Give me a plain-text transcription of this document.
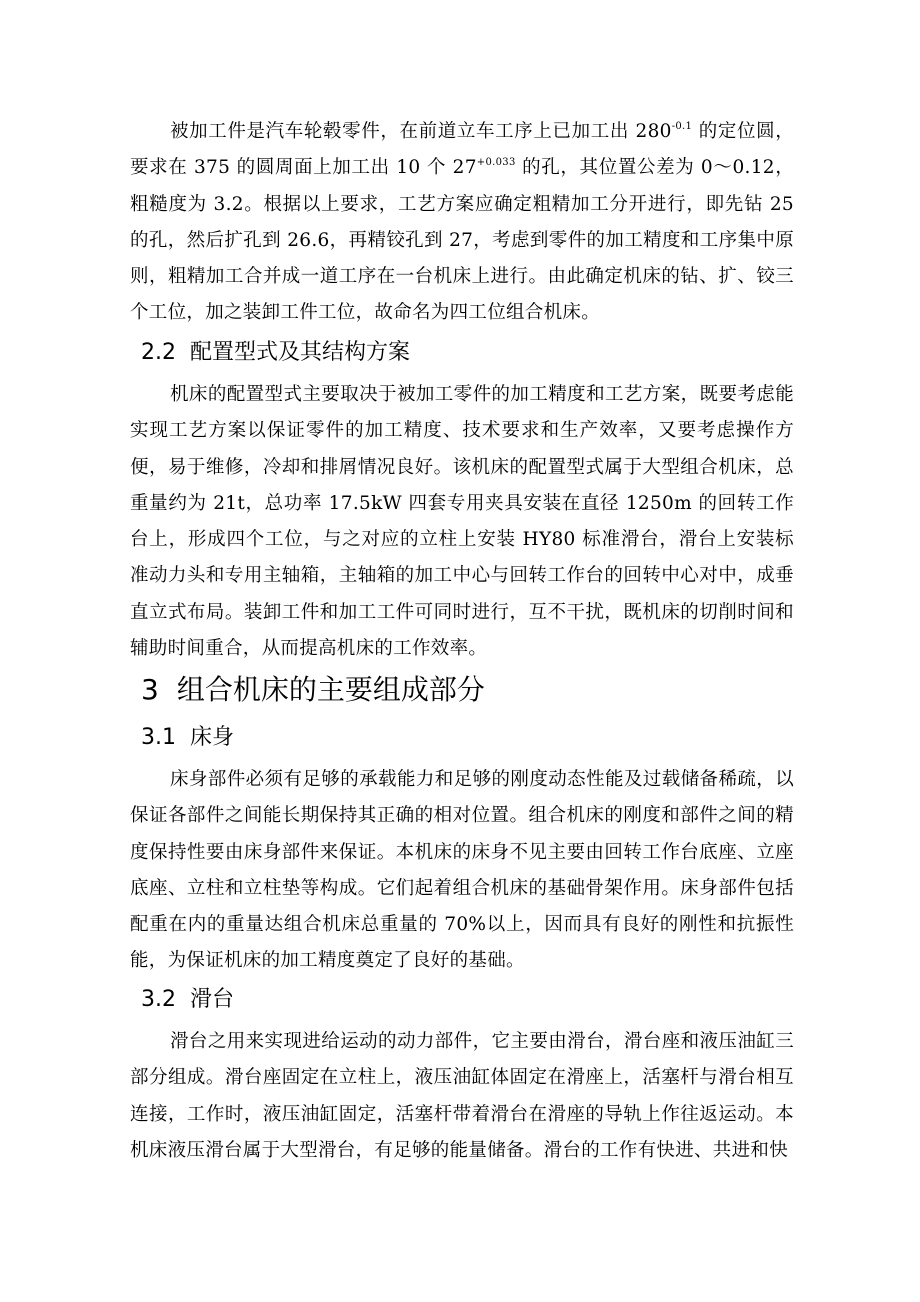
被加工件是汽车轮毂零件，在前道立车工序上已加工出 $280^{-0.1}$ 的定位圆，要求在 375 的圆周面上加工出 10 个 $27^{+0.033}$ 的孔，其位置公差为 0～0.12，粗糙度为 3.2。根据以上要求，工艺方案应确定粗精加工分开进行，即先钻 25 的孔，然后扩孔到 26.6，再精铰孔到 27，考虑到零件的加工精度和工序集中原则，粗精加工合并成一道工序在一台机床上进行。由此确定机床的钻、扩、铰三个工位，加之装卸工件工位，故命名为四工位组合机床。

2.2 配置型式及其结构方案

机床的配置型式主要取决于被加工零件的加工精度和工艺方案，既要考虑能实现工艺方案以保证零件的加工精度、技术要求和生产效率，又要考虑操作方便，易于维修，冷却和排屑情况良好。该机床的配置型式属于大型组合机床，总重量约为 21t，总功率 17.5kW 四套专用夹具安装在直径 1250m 的回转工作台上，形成四个工位，与之对应的立柱上安装 HY80 标准滑台，滑台上安装标准动力头和专用主轴箱，主轴箱的加工中心与回转工作台的回转中心对中，成垂直立式布局。装卸工件和加工工件可同时进行，互不干扰，既机床的切削时间和辅助时间重合，从而提高机床的工作效率。

3 组合机床的主要组成部分
3.1 床身

床身部件必须有足够的承载能力和足够的刚度动态性能及过载储备稀疏，以保证各部件之间能长期保持其正确的相对位置。组合机床的刚度和部件之间的精度保持性要由床身部件来保证。本机床的床身不见主要由回转工作台底座、立座底座、立柱和立柱垫等构成。它们起着组合机床的基础骨架作用。床身部件包括配重在内的重量达组合机床总重量的 70%以上，因而具有良好的刚性和抗振性能，为保证机床的加工精度奠定了良好的基础。

3.2 滑台

滑台之用来实现进给运动的动力部件，它主要由滑台，滑台座和液压油缸三部分组成。滑台座固定在立柱上，液压油缸体固定在滑座上，活塞杆与滑台相互连接，工作时，液压油缸固定，活塞杆带着滑台在滑座的导轨上作往返运动。本机床液压滑台属于大型滑台，有足够的能量储备。滑台的工作有快进、共进和快
